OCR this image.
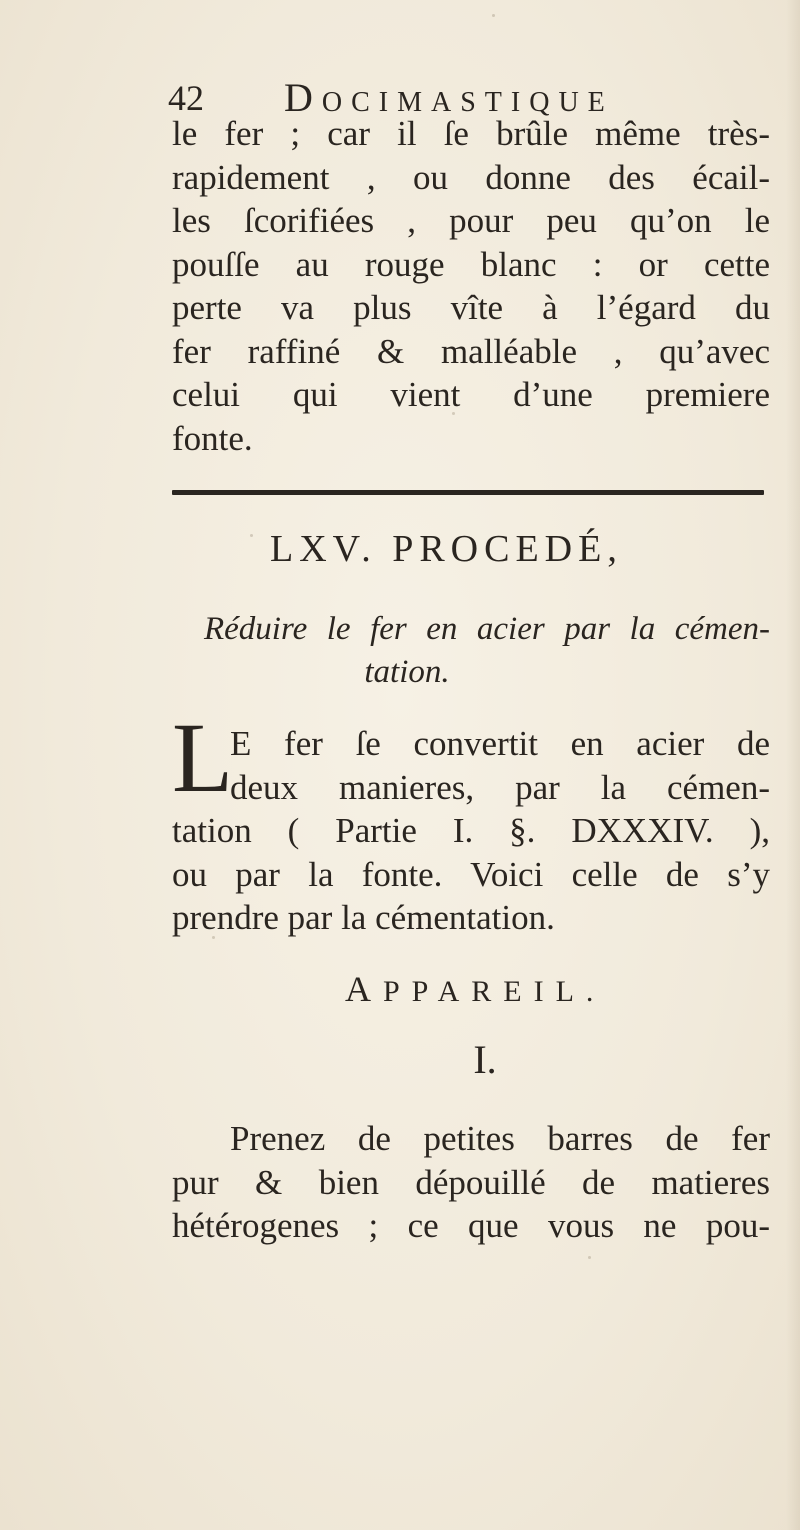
42 DOCIMASTIQUE
le fer ; car il ſe brûle même très-
rapidement , ou donne des écail-
les ſcorifiées , pour peu qu’on le
pouſſe au rouge blanc : or cette
perte va plus vîte à l’égard du
fer raffiné & malléable , qu’avec
celui qui vient d’une premiere
fonte.
LXV. PROCEDÉ,
Réduire le fer en acier par la cémen-
tation.
L
E fer ſe convertit en acier de
deux manieres, par la cémen-
tation ( Partie I. §. DXXXIV. ),
ou par la fonte. Voici celle de s’y
prendre par la cémentation.
APPAREIL.
I.
Prenez de petites barres de fer
pur & bien dépouillé de matieres
hétérogenes ; ce que vous ne pou-
